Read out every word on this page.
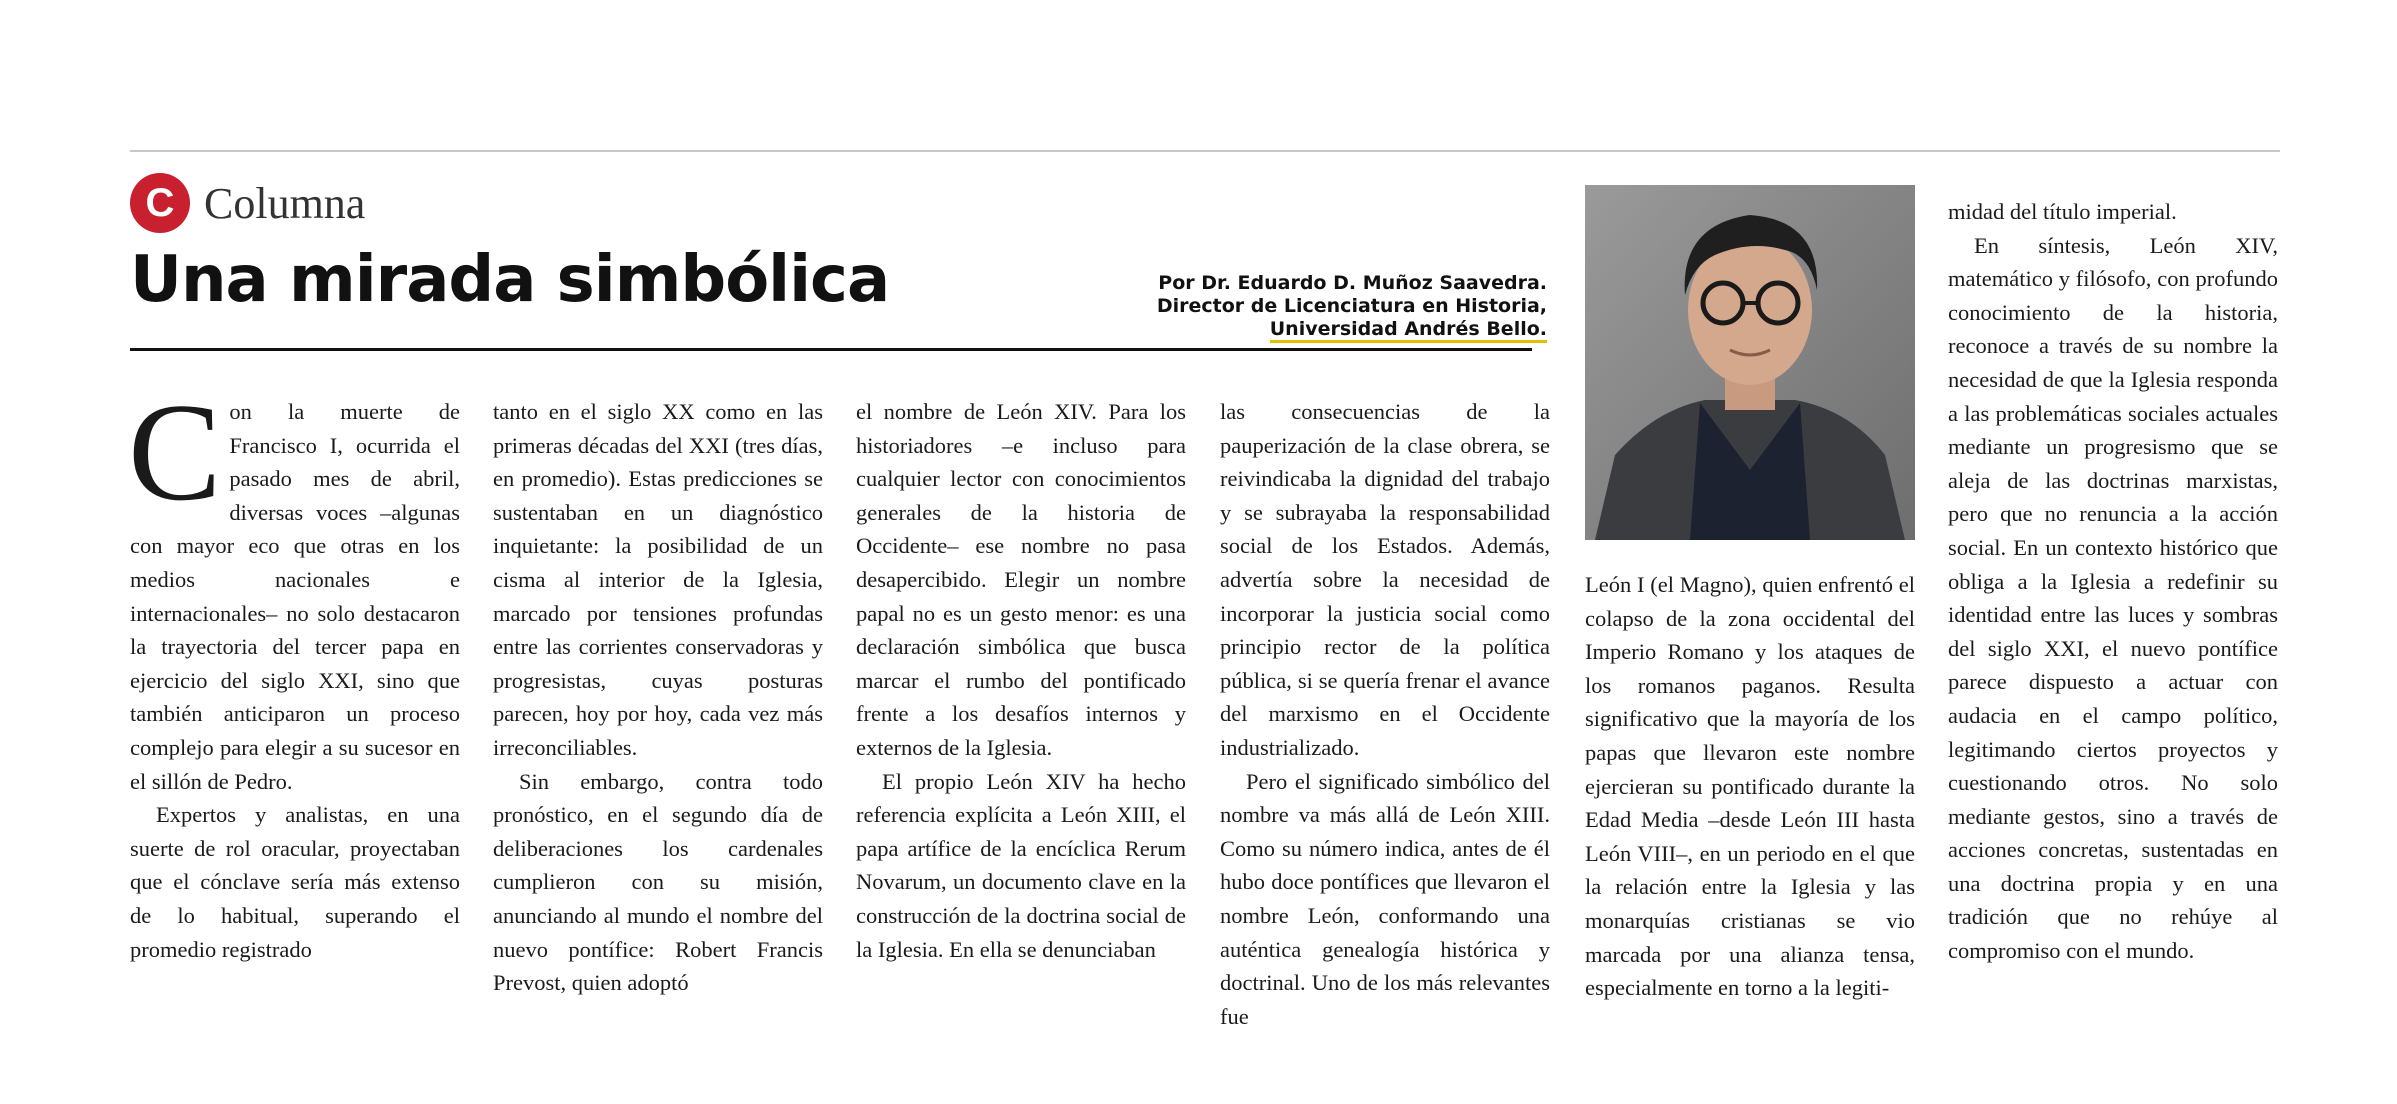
C Columna
Una mirada simbólica	Por Dr. Eduardo D. Muñoz Saavedra.
Director de Licenciatura en Historia,
Universidad Andrés Bello.

Con la muerte de Francisco I, ocurrida el pasado mes de abril, diversas voces –algunas con mayor eco que otras en los medios nacionales e internacionales– no solo destacaron la trayectoria del tercer papa en ejercicio del siglo XXI, sino que también anticiparon un proceso complejo para elegir a su sucesor en el sillón de Pedro.

Expertos y analistas, en una suerte de rol oracular, proyectaban que el cónclave sería más extenso de lo habitual, superando el promedio registrado

tanto en el siglo XX como en las primeras décadas del XXI (tres días, en promedio). Estas predicciones se sustentaban en un diagnóstico inquietante: la posibilidad de un cisma al interior de la Iglesia, marcado por tensiones profundas entre las corrientes conservadoras y progresistas, cuyas posturas parecen, hoy por hoy, cada vez más irreconciliables.

Sin embargo, contra todo pronóstico, en el segundo día de deliberaciones los cardenales cumplieron con su misión, anunciando al mundo el nombre del nuevo pontífice: Robert Francis Prevost, quien adoptó

el nombre de León XIV. Para los historiadores –e incluso para cualquier lector con conocimientos generales de la historia de Occidente– ese nombre no pasa desapercibido. Elegir un nombre papal no es un gesto menor: es una declaración simbólica que busca marcar el rumbo del pontificado frente a los desafíos internos y externos de la Iglesia.

El propio León XIV ha hecho referencia explícita a León XIII, el papa artífice de la encíclica Rerum Novarum, un documento clave en la construcción de la doctrina social de la Iglesia. En ella se denunciaban

las consecuencias de la pauperización de la clase obrera, se reivindicaba la dignidad del trabajo y se subrayaba la responsabilidad social de los Estados. Además, advertía sobre la necesidad de incorporar la justicia social como principio rector de la política pública, si se quería frenar el avance del marxismo en el Occidente industrializado.

Pero el significado simbólico del nombre va más allá de León XIII. Como su número indica, antes de él hubo doce pontífices que llevaron el nombre León, conformando una auténtica genealogía histórica y doctrinal. Uno de los más relevantes fue

León I (el Magno), quien enfrentó el colapso de la zona occidental del Imperio Romano y los ataques de los romanos paganos. Resulta significativo que la mayoría de los papas que llevaron este nombre ejercieran su pontificado durante la Edad Media –desde León III hasta León VIII–, en un periodo en el que la relación entre la Iglesia y las monarquías cristianas se vio marcada por una alianza tensa, especialmente en torno a la legiti-

midad del título imperial.

En síntesis, León XIV, matemático y filósofo, con profundo conocimiento de la historia, reconoce a través de su nombre la necesidad de que la Iglesia responda a las problemáticas sociales actuales mediante un progresismo que se aleja de las doctrinas marxistas, pero que no renuncia a la acción social. En un contexto histórico que obliga a la Iglesia a redefinir su identidad entre las luces y sombras del siglo XXI, el nuevo pontífice parece dispuesto a actuar con audacia en el campo político, legitimando ciertos proyectos y cuestionando otros. No solo mediante gestos, sino a través de acciones concretas, sustentadas en una doctrina propia y en una tradición que no rehúye al compromiso con el mundo.
